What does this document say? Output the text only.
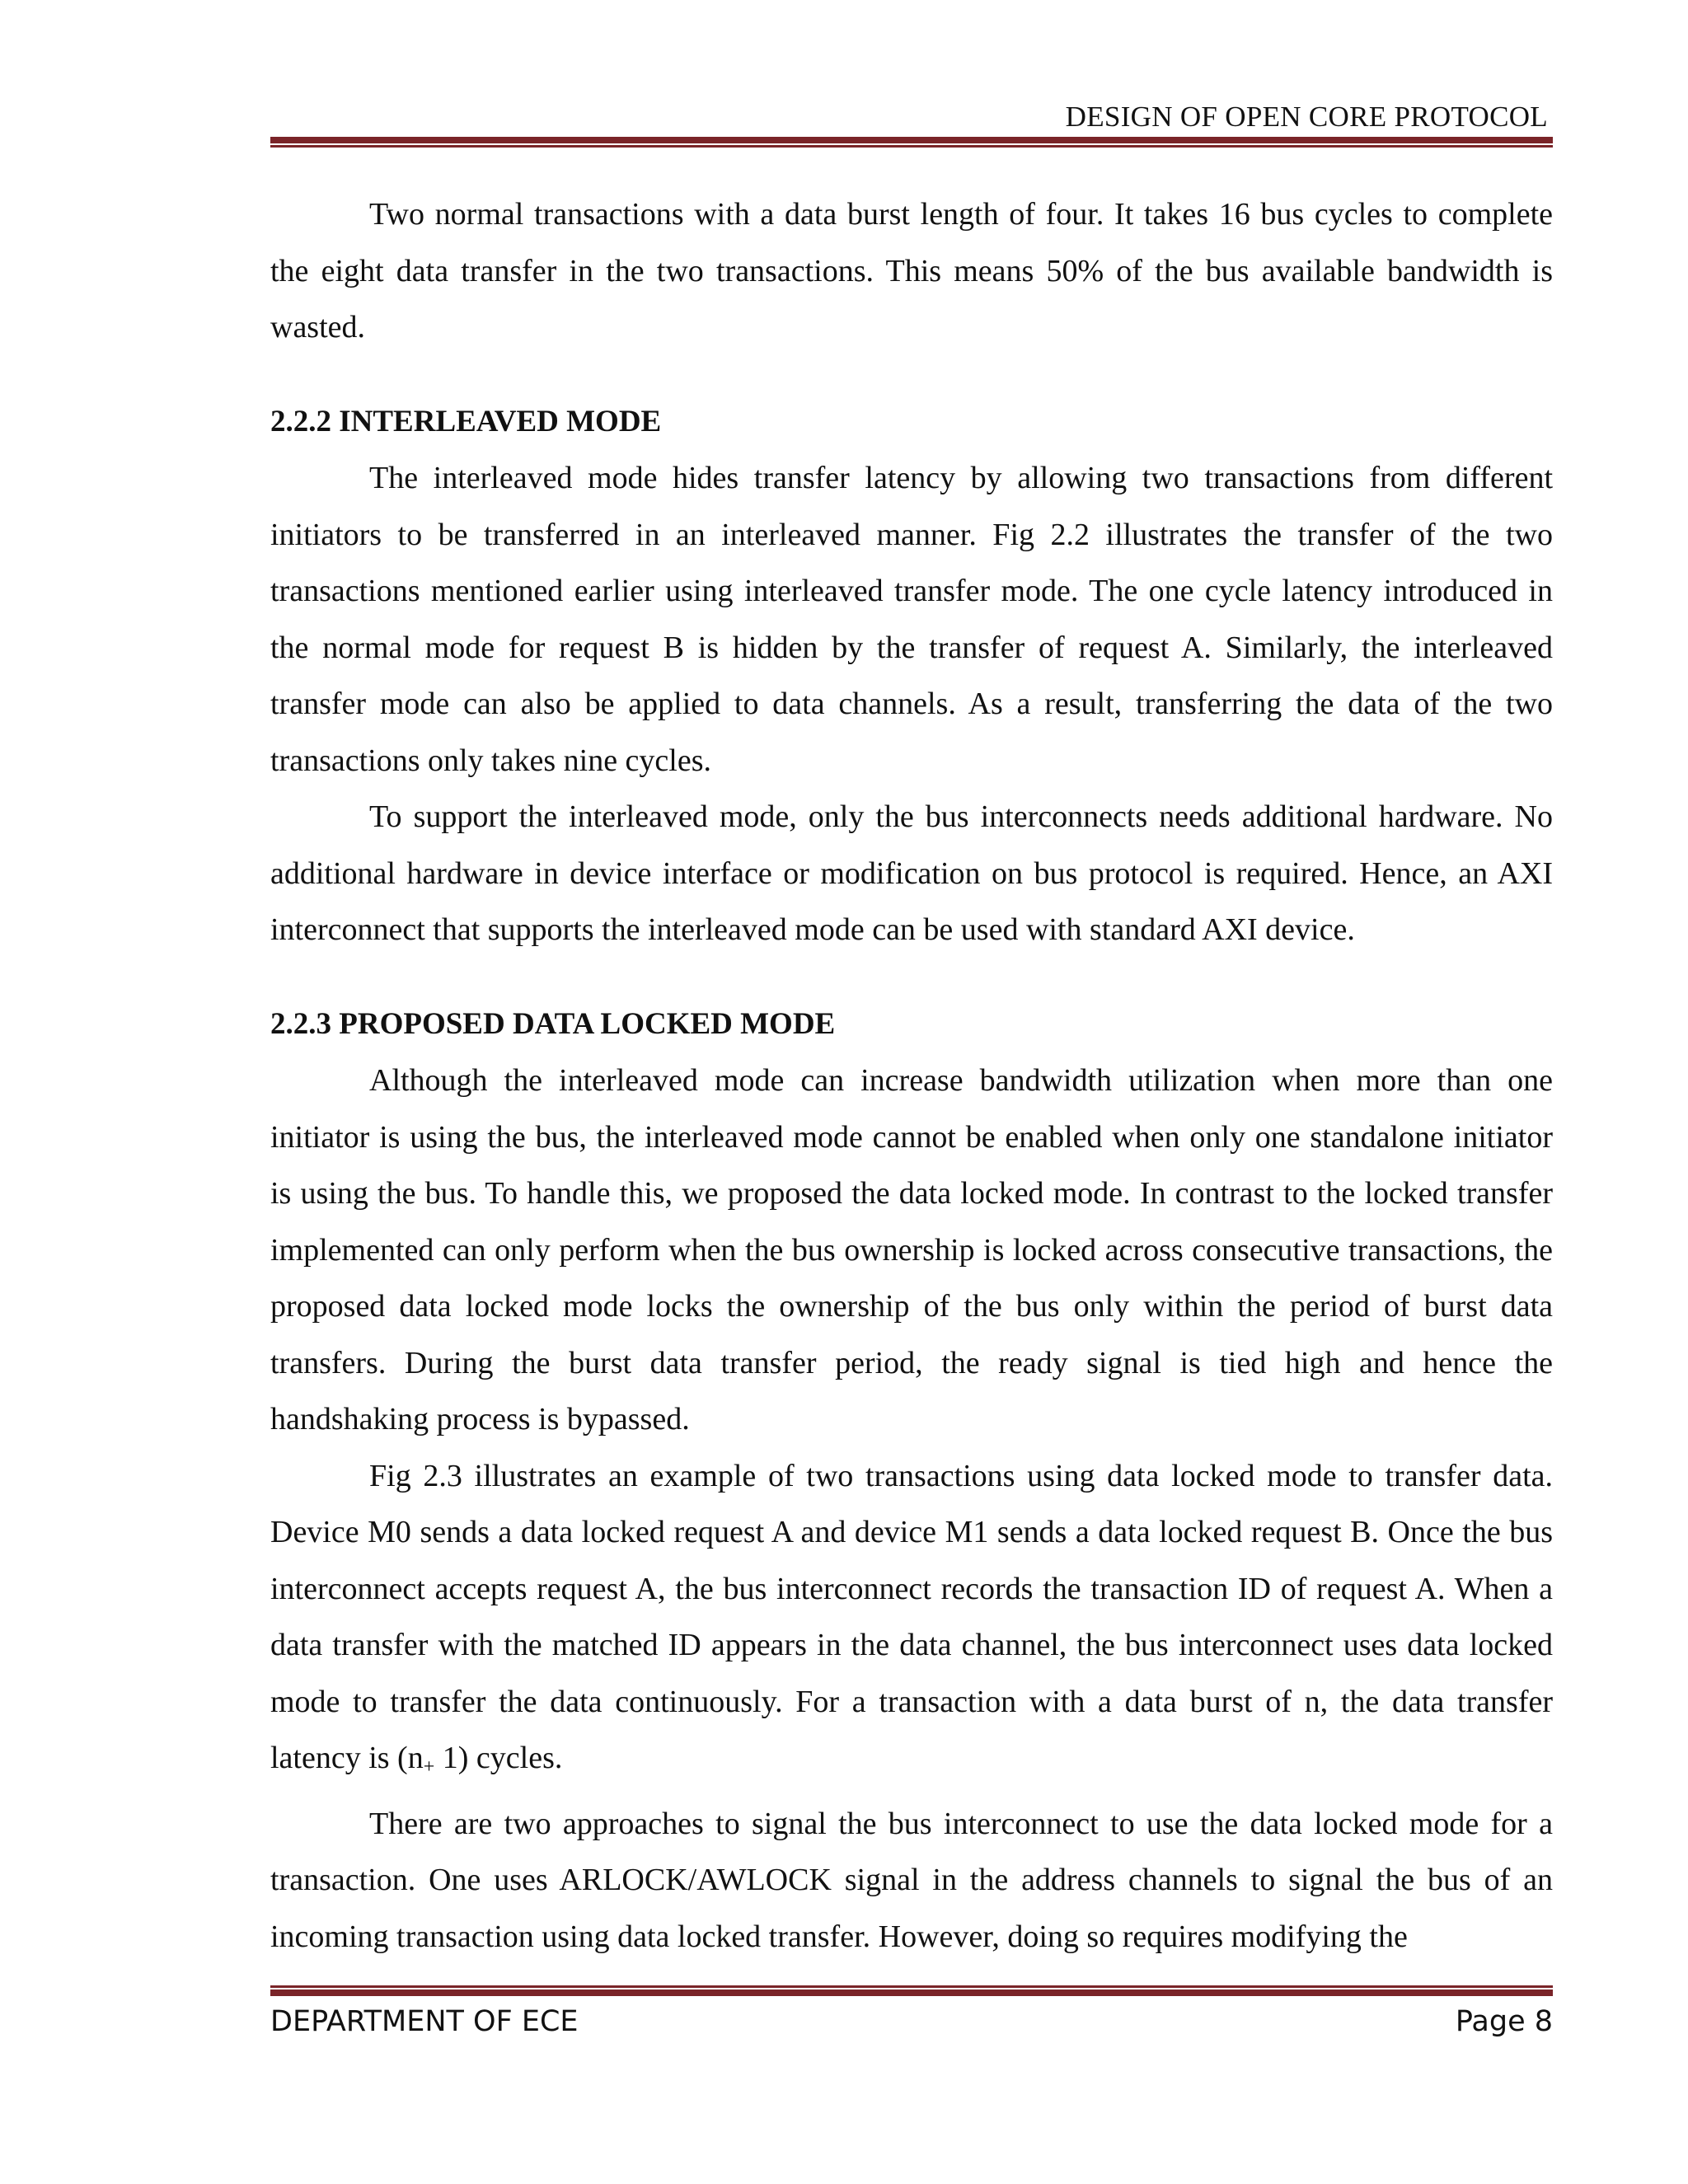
DESIGN OF OPEN CORE PROTOCOL

Two normal transactions with a data burst length of four. It takes 16 bus cycles to complete the eight data transfer in the two transactions. This means 50% of the bus available bandwidth is wasted.

2.2.2 INTERLEAVED MODE

The interleaved mode hides transfer latency by allowing two transactions from different initiators to be transferred in an interleaved manner. Fig 2.2 illustrates the transfer of the two transactions mentioned earlier using interleaved transfer mode. The one cycle latency introduced in the normal mode for request B is hidden by the transfer of request A. Similarly, the interleaved transfer mode can also be applied to data channels. As a result, transferring the data of the two transactions only takes nine cycles.

To support the interleaved mode, only the bus interconnects needs additional hardware. No additional hardware in device interface or modification on bus protocol is required. Hence, an AXI interconnect that supports the interleaved mode can be used with standard AXI device.

2.2.3 PROPOSED DATA LOCKED MODE

Although the interleaved mode can increase bandwidth utilization when more than one initiator is using the bus, the interleaved mode cannot be enabled when only one standalone initiator is using the bus. To handle this, we proposed the data locked mode. In contrast to the locked transfer implemented can only perform when the bus ownership is locked across consecutive transactions, the proposed data locked mode locks the ownership of the bus only within the period of burst data transfers. During the burst data transfer period, the ready signal is tied high and hence the handshaking process is bypassed.

Fig 2.3 illustrates an example of two transactions using data locked mode to transfer data. Device M0 sends a data locked request A and device M1 sends a data locked request B. Once the bus interconnect accepts request A, the bus interconnect records the transaction ID of request A. When a data transfer with the matched ID appears in the data channel, the bus interconnect uses data locked mode to transfer the data continuously. For a transaction with a data burst of n, the data transfer latency is (n+ 1) cycles.

There are two approaches to signal the bus interconnect to use the data locked mode for a transaction. One uses ARLOCK/AWLOCK signal in the address channels to signal the bus of an incoming transaction using data locked transfer. However, doing so requires modifying the

DEPARTMENT OF ECE	Page 8
